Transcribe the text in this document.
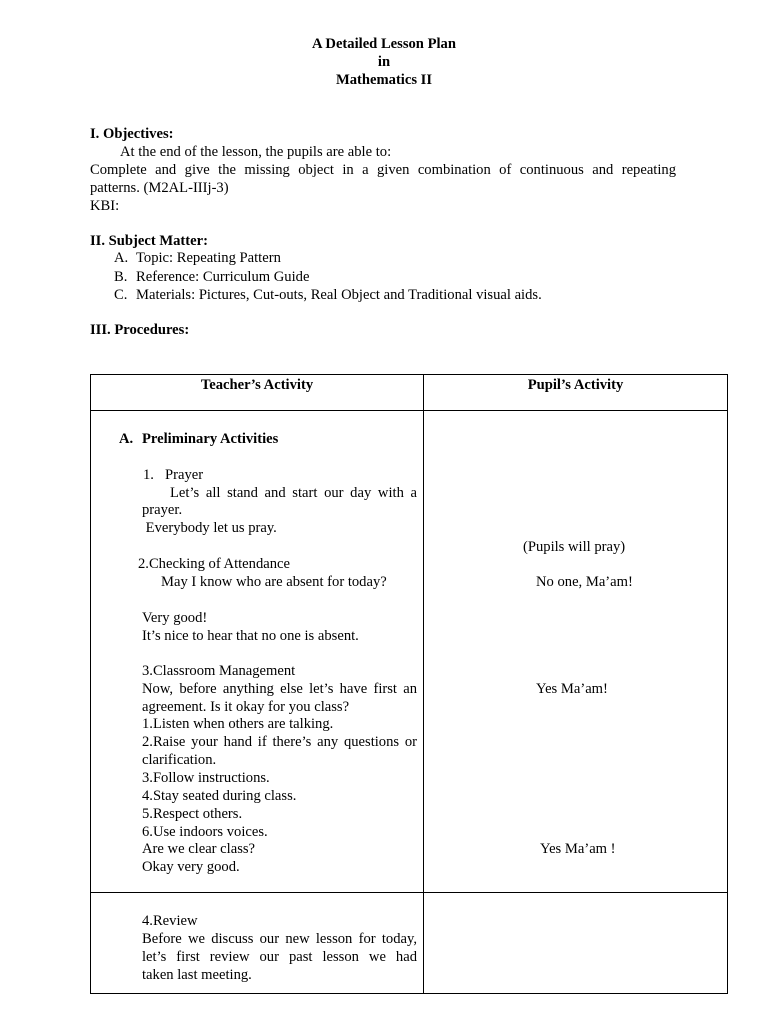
A Detailed Lesson Plan
in
Mathematics II
I. Objectives:
At the end of the lesson, the pupils are able to:
Complete and give the missing object in a given combination of continuous and repeating
patterns. (M2AL-IIIj-3)
KBI:
II. Subject Matter:
A. Topic: Repeating Pattern
B. Reference: Curriculum Guide
C. Materials: Pictures, Cut-outs, Real Object and Traditional visual aids.
III. Procedures:
Teacher’s Activity	Pupil’s Activity
A. Preliminary Activities
1. Prayer
Let’s all stand and start our day with a
prayer.
Everybody let us pray.
2.Checking of Attendance
May I know who are absent for today?
Very good!
It’s nice to hear that no one is absent.
3.Classroom Management
Now, before anything else let’s have first an
agreement. Is it okay for you class?
1.Listen when others are talking.
2.Raise your hand if there’s any questions or
clarification.
3.Follow instructions.
4.Stay seated during class.
5.Respect others.
6.Use indoors voices.
Are we clear class?
Okay very good.
4.Review
Before we discuss our new lesson for today,
let’s first review our past lesson we had
taken last meeting.
(Pupils will pray)
No one, Ma’am!
Yes Ma’am!
Yes Ma’am !
